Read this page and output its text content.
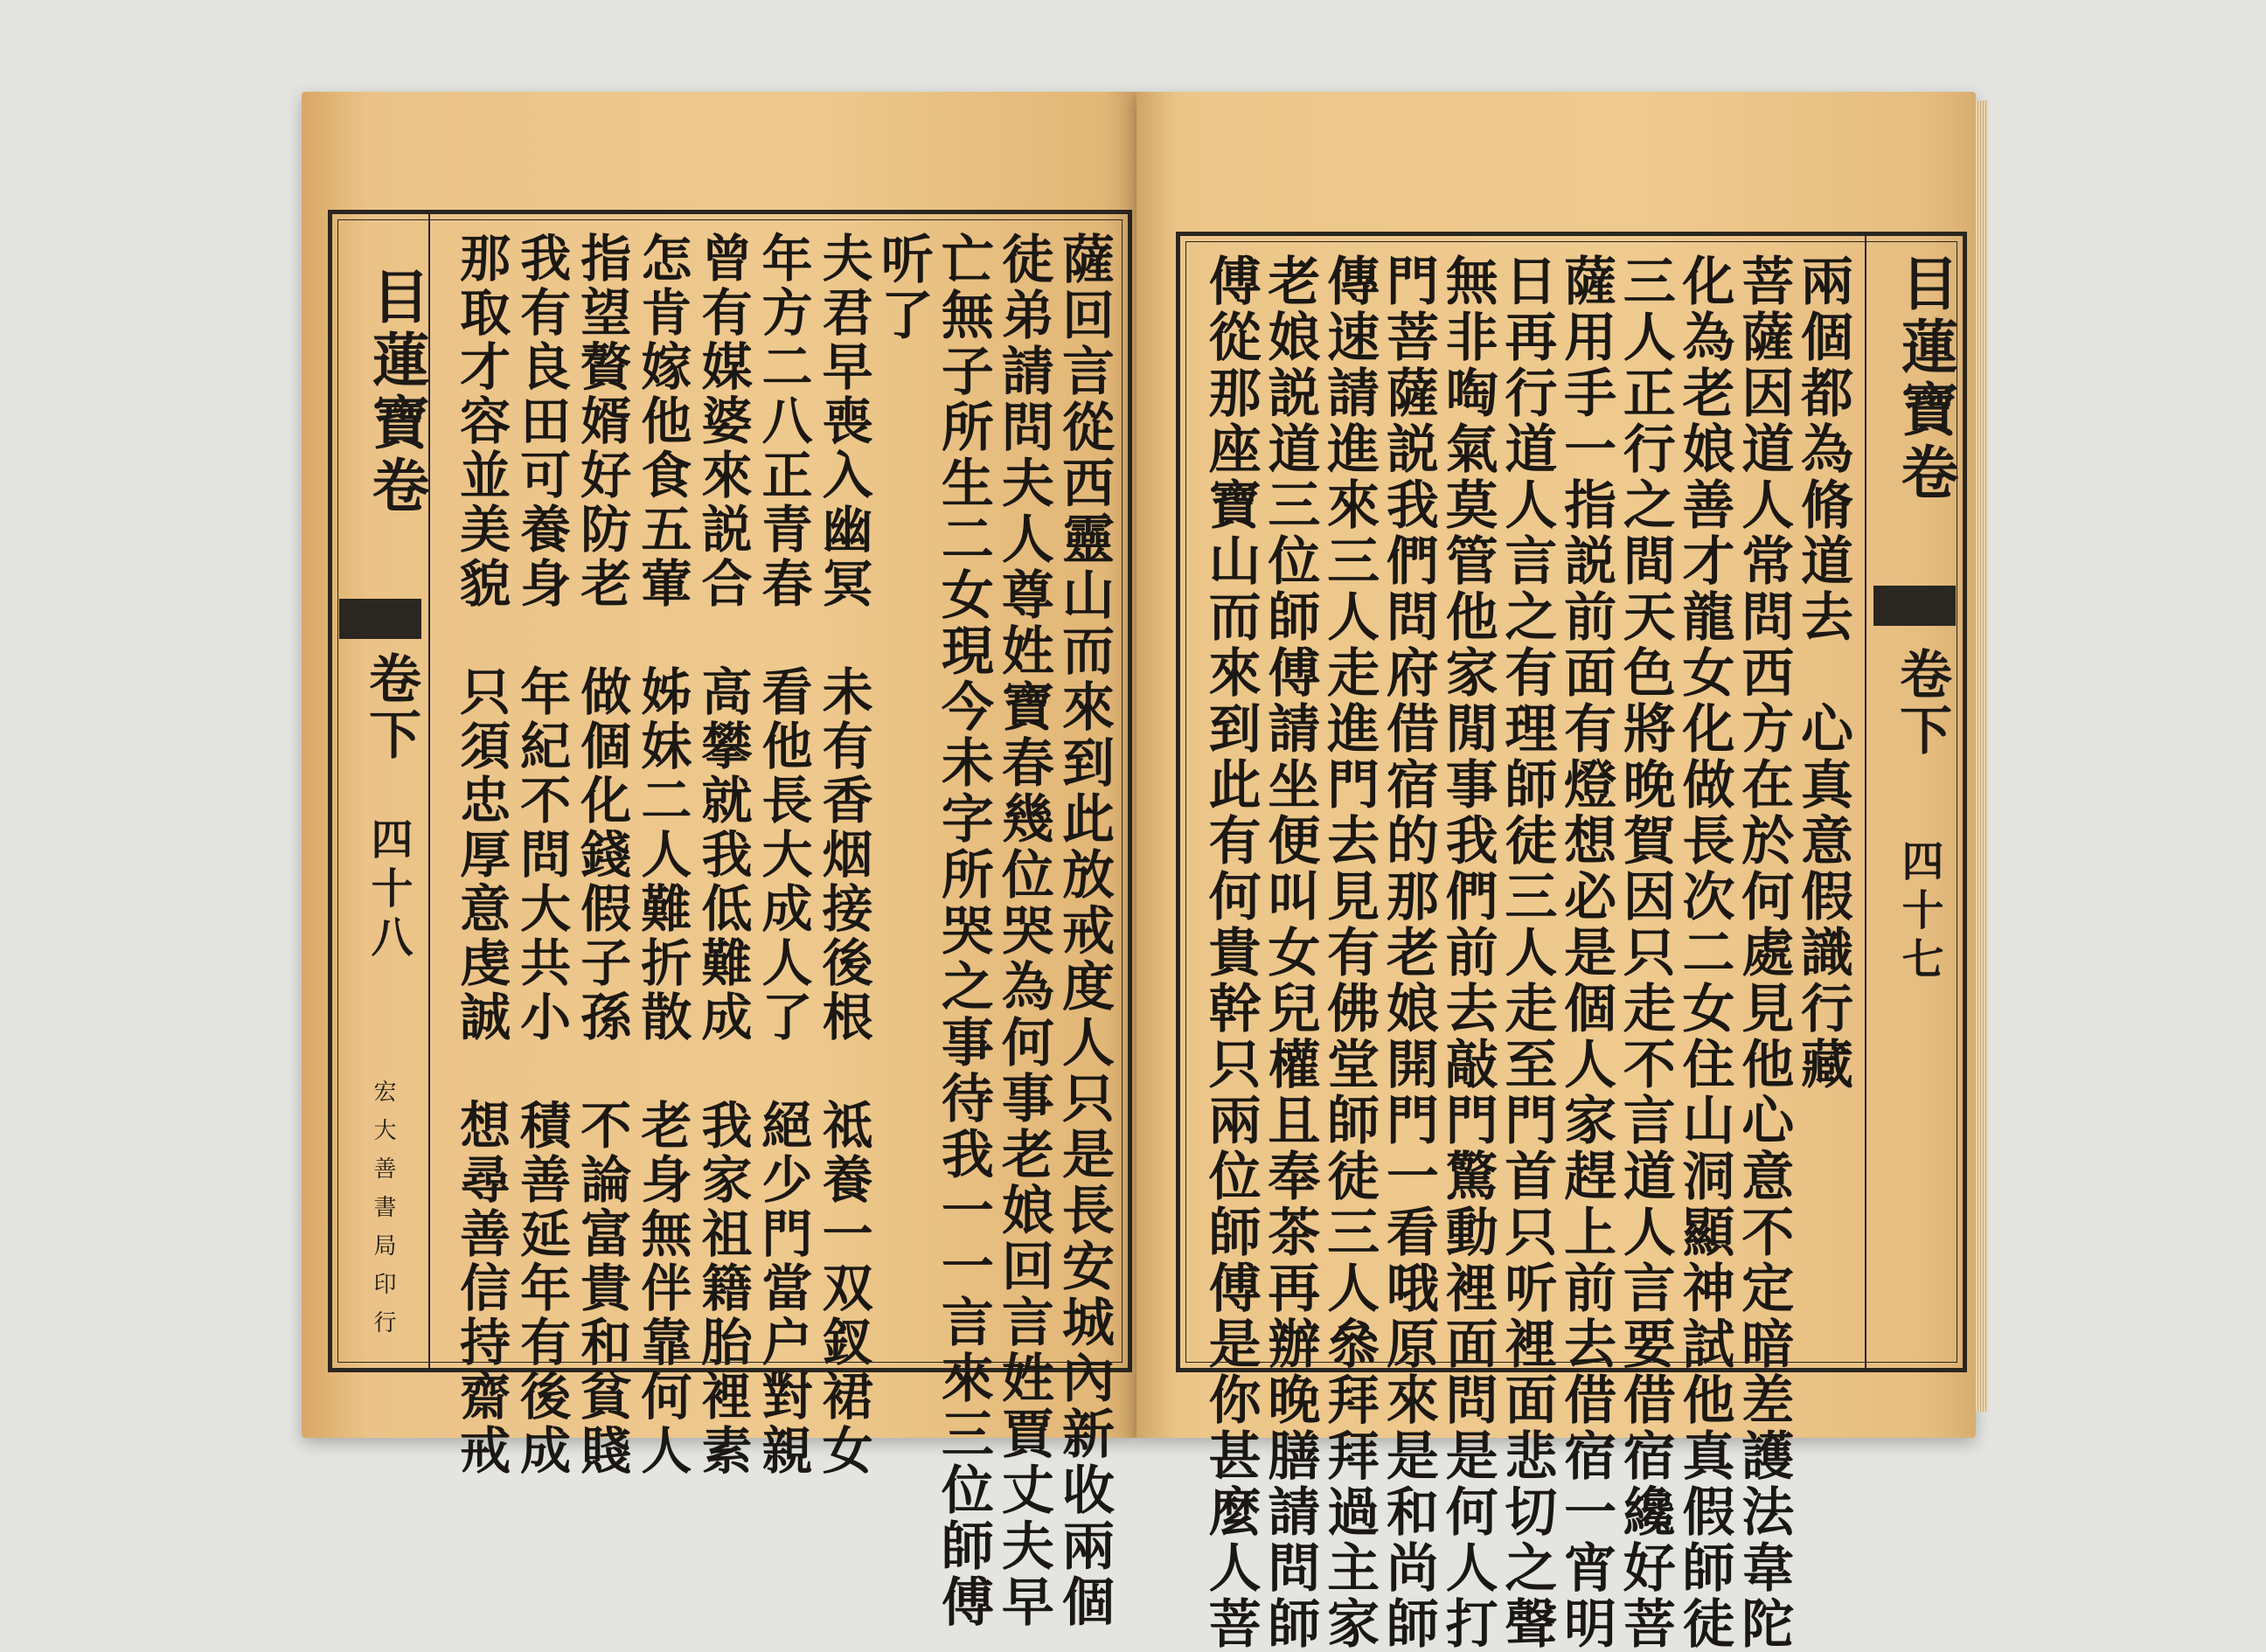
目蓮寶卷
卷下
四十八
宏大善書局印行	薩回言從西靈山而來到此放戒度人只是長安城內新收兩個
徒弟請問夫人尊姓寶春幾位哭為何事老娘回言姓賈丈夫早
亡無子所生二女現今未字所哭之事待我一一言來三位師傅
听了
夫君早喪入幽冥　未有香烟接後根　祗養一双釵裙女
年方二八正青春　看他長大成人了　絕少門當户對親
曾有媒婆來説合　高攀就我低難成　我家祖籍胎裡素
怎肯嫁他食五葷　姊妹二人難折散　老身無伴靠何人
指望贅婿好防老　做個化錢假子孫　不論富貴和貧賤
我有良田可養身　年紀不問大共小　積善延年有後成
那取才容並美貌　只須忠厚意虔誠　想尋善信持齋戒	目蓮寶卷
卷下
四十七
兩個都為脩道去　心真意假識行藏
菩薩因道人常問西方在於何處見他心意不定暗差護法韋陀
化為老娘善才龍女化做長次二女住山洞顯神試他真假師徒
三人正行之間天色將晚賀因只走不言道人言要借宿纔好菩
薩用手一指説前面有燈想必是個人家趕上前去借宿一宵明
日再行道人言之有理師徒三人走至門首只听裡面悲切之聲
無非啕氣莫管他家閒事我們前去敲門驚動裡面問是何人打
門菩薩説我們問府借宿的那老娘開門一看哦原來是和尚師
傳速請進來三人走進門去見有佛堂師徒三人叅拜拜過主家
老娘説道三位師傅請坐便叫女兒權且奉茶再辦晚膳請問師
傅從那座寶山而來到此有何貴幹只兩位師傅是你甚麼人菩
